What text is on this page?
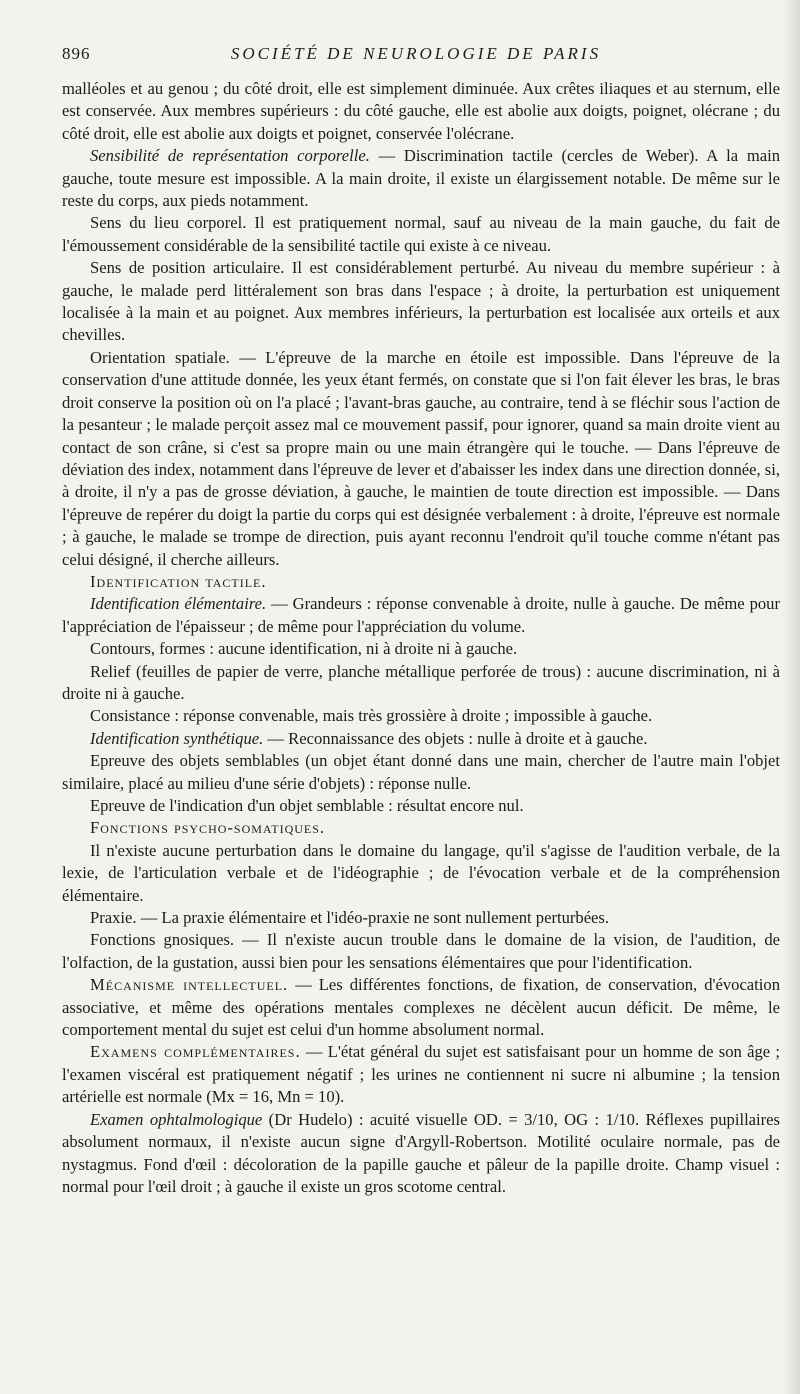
896	SOCIÉTÉ DE NEUROLOGIE DE PARIS

malléoles et au genou ; du côté droit, elle est simplement diminuée. Aux crêtes iliaques et au sternum, elle est conservée. Aux membres supérieurs : du côté gauche, elle est abolie aux doigts, poignet, olécrane ; du côté droit, elle est abolie aux doigts et poignet, conservée l'olécrane.

Sensibilité de représentation corporelle. — Discrimination tactile (cercles de Weber). A la main gauche, toute mesure est impossible. A la main droite, il existe un élargissement notable. De même sur le reste du corps, aux pieds notamment.

Sens du lieu corporel. Il est pratiquement normal, sauf au niveau de la main gauche, du fait de l'émoussement considérable de la sensibilité tactile qui existe à ce niveau.

Sens de position articulaire. Il est considérablement perturbé. Au niveau du membre supérieur : à gauche, le malade perd littéralement son bras dans l'espace ; à droite, la perturbation est uniquement localisée à la main et au poignet. Aux membres inférieurs, la perturbation est localisée aux orteils et aux chevilles.

Orientation spatiale. — L'épreuve de la marche en étoile est impossible. Dans l'épreuve de la conservation d'une attitude donnée, les yeux étant fermés, on constate que si l'on fait élever les bras, le bras droit conserve la position où on l'a placé ; l'avant-bras gauche, au contraire, tend à se fléchir sous l'action de la pesanteur ; le malade perçoit assez mal ce mouvement passif, pour ignorer, quand sa main droite vient au contact de son crâne, si c'est sa propre main ou une main étrangère qui le touche. — Dans l'épreuve de déviation des index, notamment dans l'épreuve de lever et d'abaisser les index dans une direction donnée, si, à droite, il n'y a pas de grosse déviation, à gauche, le maintien de toute direction est impossible. — Dans l'épreuve de repérer du doigt la partie du corps qui est désignée verbalement : à droite, l'épreuve est normale ; à gauche, le malade se trompe de direction, puis ayant reconnu l'endroit qu'il touche comme n'étant pas celui désigné, il cherche ailleurs.

Identification tactile.

Identification élémentaire. — Grandeurs : réponse convenable à droite, nulle à gauche. De même pour l'appréciation de l'épaisseur ; de même pour l'appréciation du volume.

Contours, formes : aucune identification, ni à droite ni à gauche.

Relief (feuilles de papier de verre, planche métallique perforée de trous) : aucune discrimination, ni à droite ni à gauche.

Consistance : réponse convenable, mais très grossière à droite ; impossible à gauche.

Identification synthétique. — Reconnaissance des objets : nulle à droite et à gauche.

Epreuve des objets semblables (un objet étant donné dans une main, chercher de l'autre main l'objet similaire, placé au milieu d'une série d'objets) : réponse nulle.

Epreuve de l'indication d'un objet semblable : résultat encore nul.

Fonctions psycho-somatiques.

Il n'existe aucune perturbation dans le domaine du langage, qu'il s'agisse de l'audition verbale, de la lexie, de l'articulation verbale et de l'idéographie ; de l'évocation verbale et de la compréhension élémentaire.

Praxie. — La praxie élémentaire et l'idéo-praxie ne sont nullement perturbées.

Fonctions gnosiques. — Il n'existe aucun trouble dans le domaine de la vision, de l'audition, de l'olfaction, de la gustation, aussi bien pour les sensations élémentaires que pour l'identification.

Mécanisme intellectuel. — Les différentes fonctions, de fixation, de conservation, d'évocation associative, et même des opérations mentales complexes ne décèlent aucun déficit. De même, le comportement mental du sujet est celui d'un homme absolument normal.

Examens complémentaires. — L'état général du sujet est satisfaisant pour un homme de son âge ; l'examen viscéral est pratiquement négatif ; les urines ne contiennent ni sucre ni albumine ; la tension artérielle est normale (Mx = 16, Mn = 10).

Examen ophtalmologique (Dr Hudelo) : acuité visuelle OD. = 3/10, OG : 1/10. Réflexes pupillaires absolument normaux, il n'existe aucun signe d'Argyll-Robertson. Motilité oculaire normale, pas de nystagmus. Fond d'œil : décoloration de la papille gauche et pâleur de la papille droite. Champ visuel : normal pour l'œil droit ; à gauche il existe un gros scotome central.
